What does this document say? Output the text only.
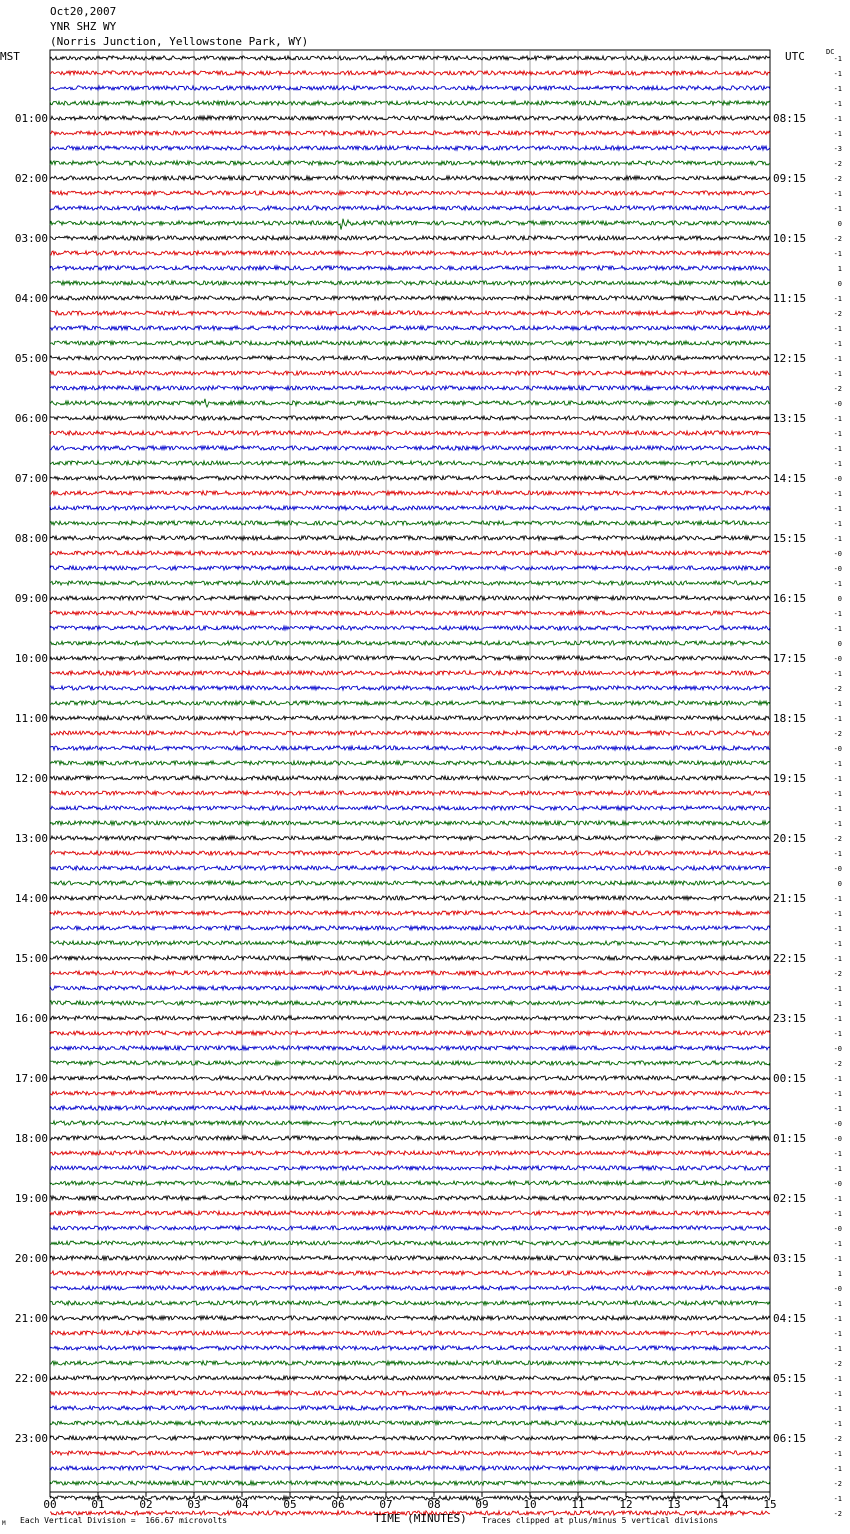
Oct20,2007
YNR SHZ WY
(Norris Junction, Yellowstone Park, WY)
MST	UTC	DC
-1
-1
-1
-1
-1
-1
-3
-2
-2
-1
-1
0
-2
-1
1
0
-1
-2
-1
-1
-1
-1
-2
-0
-1
-1
-1
-1
-0
-1
-1
-1
-1
-0
-0
-1
0
-1
-1
0
-0
-1
-2
-1
-1
-2
-0
-1
-1
-1
-1
-1
-2
-1
-0
0
-1
-1
-1
-1
-1
-2
-1
-1
-1
-1
-0
-2
-1
-1
-1
-0
-0
-1
-1
-0
-1
-1
-0
-1
-1
1
-0
-1
-1
-1
-1
-2
-1
-1
-1
-1
-2
-1
-1
-2
-1
-2
01:00
02:00
03:00
04:00
05:00
06:00
07:00
08:00
09:00
10:00
11:00
12:00
13:00
14:00
15:00
16:00
17:00
18:00
19:00
20:00
21:00
22:00
23:00
08:15
09:15
10:15
11:15
12:15
13:15
14:15
15:15
16:15
17:15
18:15
19:15
20:15
21:15
22:15
23:15
00:15
01:15
02:15
03:15
04:15
05:15
06:15
00	01	02	03	04	05	06	07	08	09	10	11	12	13	14	15
M Each Vertical Division =  166.67 microvolts	TIME (MINUTES) Traces clipped at plus/minus 5 vertical divisions
